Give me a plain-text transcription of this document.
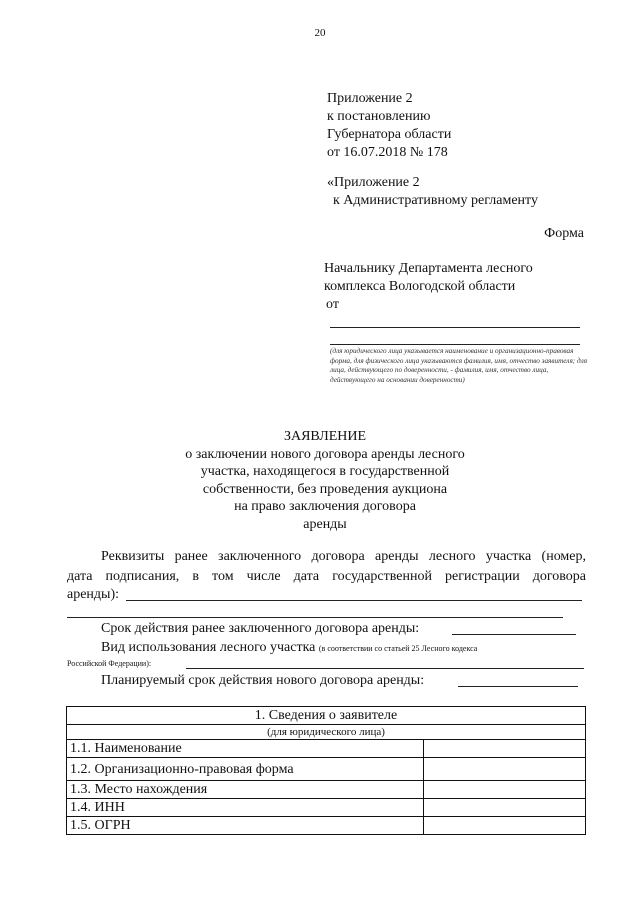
20

Приложение 2

к постановлению

Губернатора области

от 16.07.2018 № 178

«Приложение 2

к Административному регламенту

Форма
Начальнику Департамента лесного
комплекса Вологодской области
от
(для юридического лица указывается наименование и организационно-правовая форма, для физического лица указываются фамилия, имя, отчество заявителя; для лица, действующего по доверенности, - фамилия, имя, отчество лица, действующего на основании доверенности)
ЗАЯВЛЕНИЕ
о заключении нового договора аренды лесного
участка, находящегося в государственной
собственности, без проведения аукциона
на право заключения договора
аренды
Реквизиты ранее заключенного договора аренды лесного участка (номер,
дата подписания, в том числе дата государственной регистрации договора
аренды):
Срок действия ранее заключенного договора аренды:
Вид использования лесного участка (в соответствии со статьей 25 Лесного кодекса
Российской Федерации):
Планируемый срок действия нового договора аренды:
1. Сведения о заявителе	
(для юридического лица)	
1.1. Наименование	
1.2. Организационно-правовая форма	
1.3. Место нахождения	
1.4. ИНН	
1.5. ОГРН	
